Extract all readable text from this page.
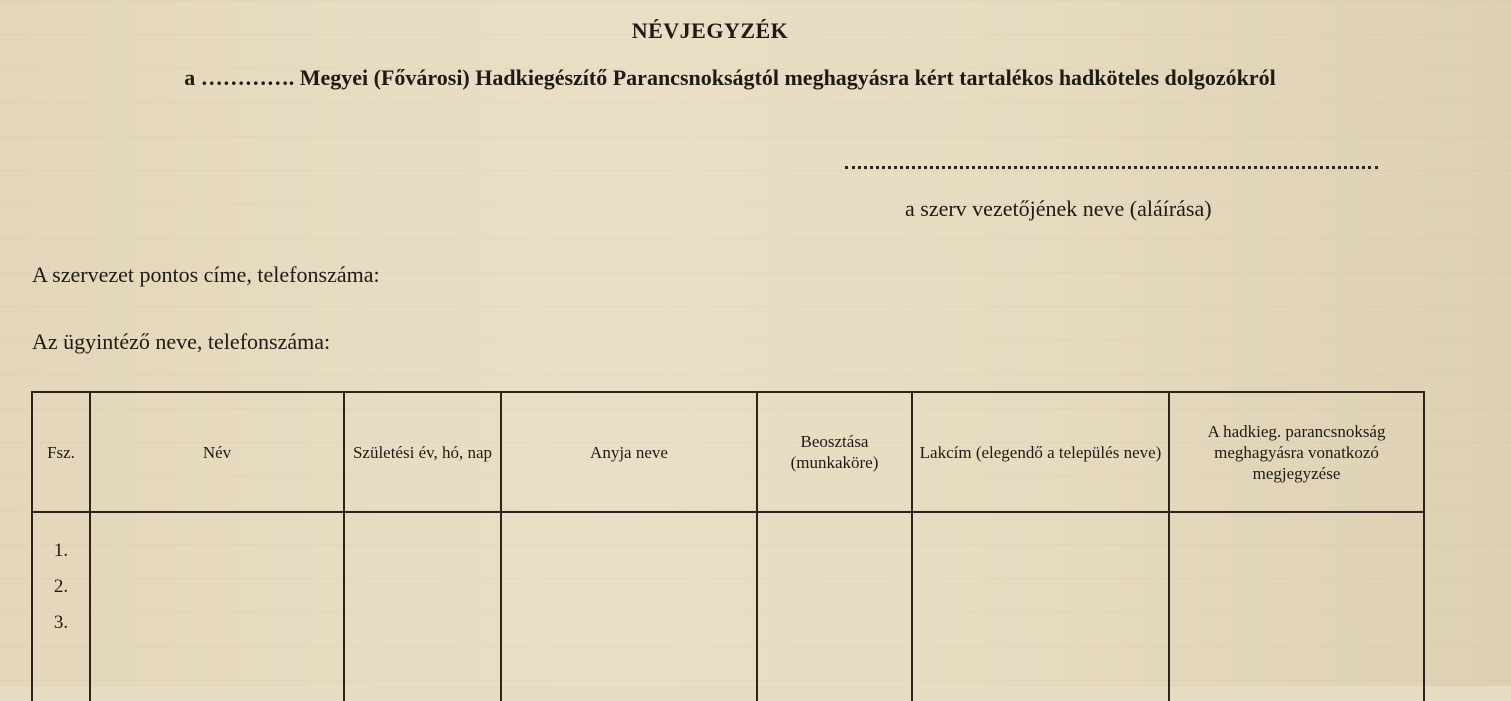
NÉVJEGYZÉK
a …………. Megyei (Fővárosi) Hadkiegészítő Parancsnokságtól meghagyásra kért tartalékos hadköteles dolgozókról
a szerv vezetőjének neve (aláírása)
A szervezet pontos címe, telefonszáma:
Az ügyintéző neve, telefonszáma:
Fsz.	Név	Születési év, hó, nap	Anyja neve	Beosztása (munkaköre)	Lakcím (elegendő a település neve)	A hadkieg. parancsnokság meghagyásra vonatkozó megjegyzése

1.
2.
3.						
